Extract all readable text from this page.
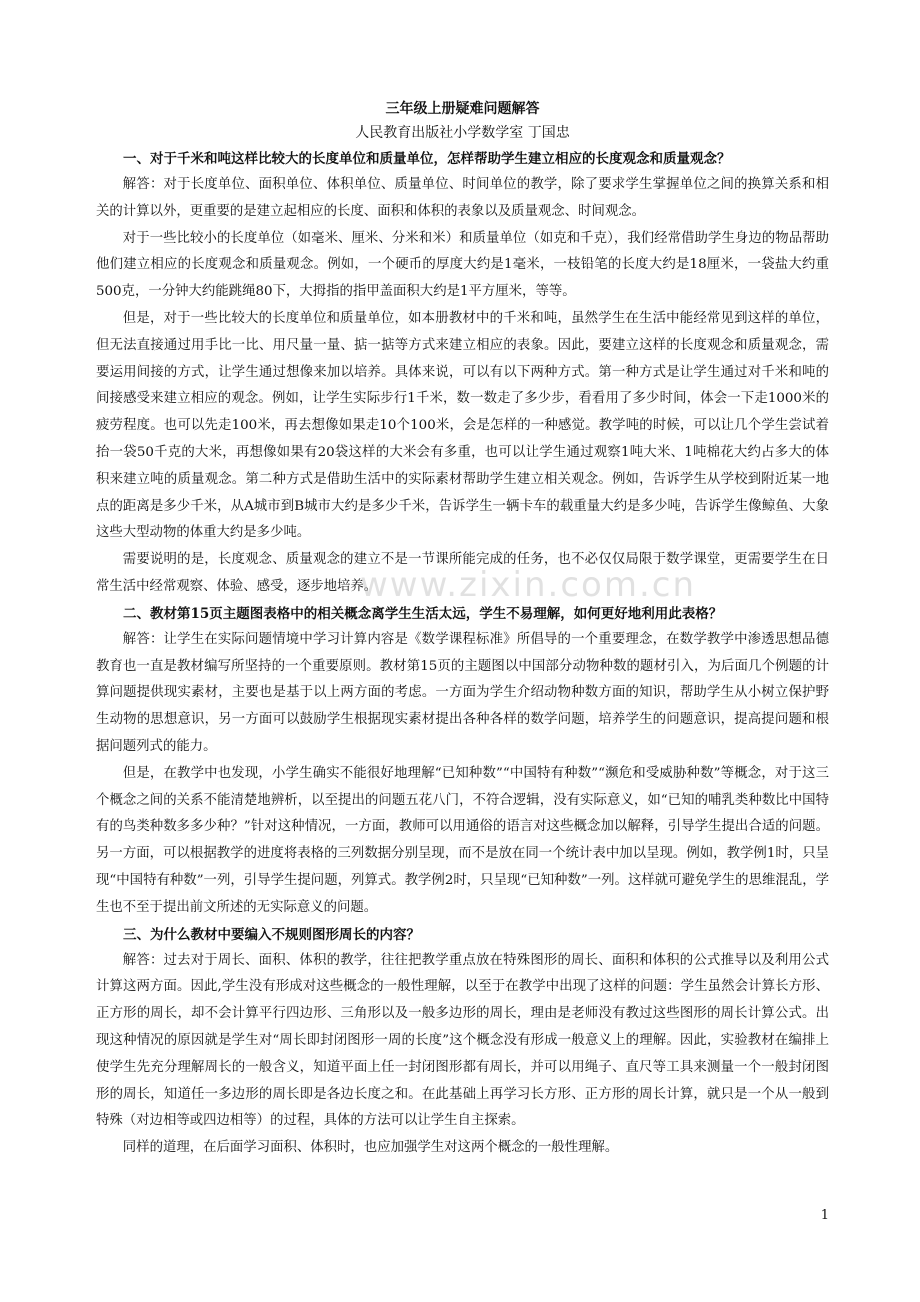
三年级上册疑难问题解答

人民教育出版社小学数学室 丁国忠

一、对于千米和吨这样比较大的长度单位和质量单位，怎样帮助学生建立相应的长度观念和质量观念？

解答：对于长度单位、面积单位、体积单位、质量单位、时间单位的教学，除了要求学生掌握单位之间的换算关系和相关的计算以外，更重要的是建立起相应的长度、面积和体积的表象以及质量观念、时间观念。

对于一些比较小的长度单位（如毫米、厘米、分米和米）和质量单位（如克和千克），我们经常借助学生身边的物品帮助他们建立相应的长度观念和质量观念。例如，一个硬币的厚度大约是1毫米，一枝铅笔的长度大约是18厘米，一袋盐大约重500克，一分钟大约能跳绳80下，大拇指的指甲盖面积大约是1平方厘米，等等。

但是，对于一些比较大的长度单位和质量单位，如本册教材中的千米和吨，虽然学生在生活中能经常见到这样的单位，但无法直接通过用手比一比、用尺量一量、掂一掂等方式来建立相应的表象。因此，要建立这样的长度观念和质量观念，需要运用间接的方式，让学生通过想像来加以培养。具体来说，可以有以下两种方式。第一种方式是让学生通过对千米和吨的间接感受来建立相应的观念。例如，让学生实际步行1千米，数一数走了多少步，看看用了多少时间，体会一下走1000米的疲劳程度。也可以先走100米，再去想像如果走10个100米，会是怎样的一种感觉。教学吨的时候，可以让几个学生尝试着抬一袋50千克的大米，再想像如果有20袋这样的大米会有多重，也可以让学生通过观察1吨大米、1吨棉花大约占多大的体积来建立吨的质量观念。第二种方式是借助生活中的实际素材帮助学生建立相关观念。例如，告诉学生从学校到附近某一地点的距离是多少千米，从A城市到B城市大约是多少千米，告诉学生一辆卡车的载重量大约是多少吨，告诉学生像鲸鱼、大象这些大型动物的体重大约是多少吨。

需要说明的是，长度观念、质量观念的建立不是一节课所能完成的任务，也不必仅仅局限于数学课堂，更需要学生在日常生活中经常观察、体验、感受，逐步地培养。

二、教材第15页主题图表格中的相关概念离学生生活太远，学生不易理解，如何更好地利用此表格？

解答：让学生在实际问题情境中学习计算内容是《数学课程标准》所倡导的一个重要理念，在数学教学中渗透思想品德教育也一直是教材编写所坚持的一个重要原则。教材第15页的主题图以中国部分动物种数的题材引入，为后面几个例题的计算问题提供现实素材，主要也是基于以上两方面的考虑。一方面为学生介绍动物种数方面的知识，帮助学生从小树立保护野生动物的思想意识，另一方面可以鼓励学生根据现实素材提出各种各样的数学问题，培养学生的问题意识，提高提问题和根据问题列式的能力。

但是，在教学中也发现，小学生确实不能很好地理解“已知种数”“中国特有种数”“濒危和受威胁种数”等概念，对于这三个概念之间的关系不能清楚地辨析，以至提出的问题五花八门，不符合逻辑，没有实际意义，如“已知的哺乳类种数比中国特有的鸟类种数多多少种？”针对这种情况，一方面，教师可以用通俗的语言对这些概念加以解释，引导学生提出合适的问题。另一方面，可以根据教学的进度将表格的三列数据分别呈现，而不是放在同一个统计表中加以呈现。例如，教学例1时，只呈现“中国特有种数”一列，引导学生提问题，列算式。教学例2时，只呈现“已知种数”一列。这样就可避免学生的思维混乱，学生也不至于提出前文所述的无实际意义的问题。

三、为什么教材中要编入不规则图形周长的内容？

解答：过去对于周长、面积、体积的教学，往往把教学重点放在特殊图形的周长、面积和体积的公式推导以及利用公式计算这两方面。因此,学生没有形成对这些概念的一般性理解，以至于在教学中出现了这样的问题：学生虽然会计算长方形、正方形的周长，却不会计算平行四边形、三角形以及一般多边形的周长，理由是老师没有教过这些图形的周长计算公式。出现这种情况的原因就是学生对“周长即封闭图形一周的长度”这个概念没有形成一般意义上的理解。因此，实验教材在编排上使学生先充分理解周长的一般含义，知道平面上任一封闭图形都有周长，并可以用绳子、直尺等工具来测量一个一般封闭图形的周长，知道任一多边形的周长即是各边长度之和。在此基础上再学习长方形、正方形的周长计算，就只是一个从一般到特殊（对边相等或四边相等）的过程，具体的方法可以让学生自主探索。

同样的道理，在后面学习面积、体积时，也应加强学生对这两个概念的一般性理解。

www.zixin.com.cn
1
